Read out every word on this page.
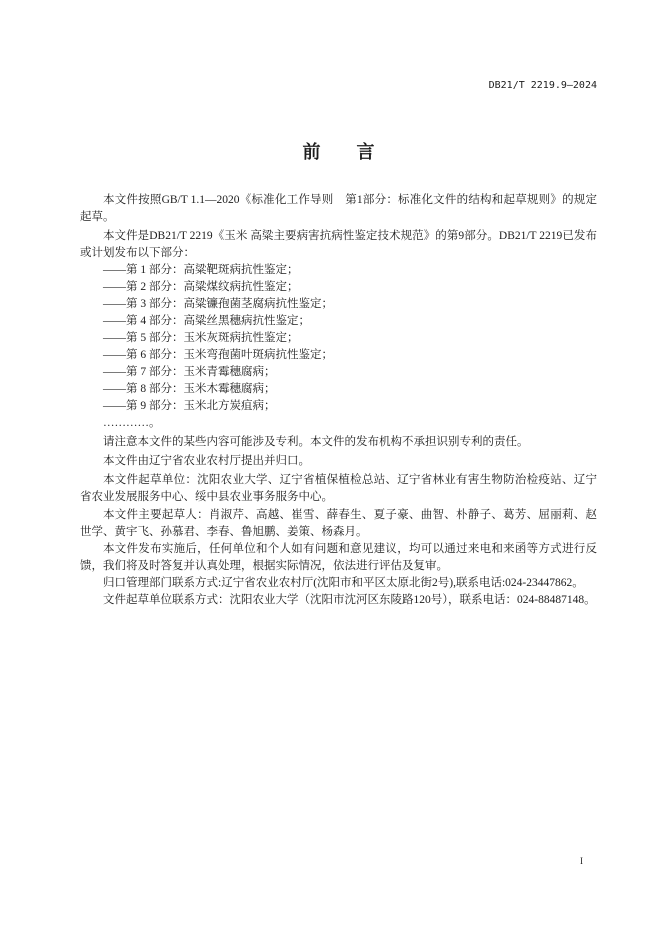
DB21/T 2219.9—2024
前　　言

本文件按照GB/T 1.1—2020《标准化工作导则　第1部分：标准化文件的结构和起草规则》的规定起草。

本文件是DB21/T 2219《玉米 高粱主要病害抗病性鉴定技术规范》的第9部分。DB21/T 2219已发布或计划发布以下部分：

——第 1 部分：高粱靶斑病抗性鉴定；

——第 2 部分：高粱煤纹病抗性鉴定；

——第 3 部分：高粱镰孢菌茎腐病抗性鉴定；

——第 4 部分：高粱丝黑穗病抗性鉴定；

——第 5 部分：玉米灰斑病抗性鉴定；

——第 6 部分：玉米弯孢菌叶斑病抗性鉴定；

——第 7 部分：玉米青霉穗腐病；

——第 8 部分：玉米木霉穗腐病；

——第 9 部分：玉米北方炭疽病；

…………。

请注意本文件的某些内容可能涉及专利。本文件的发布机构不承担识别专利的责任。

本文件由辽宁省农业农村厅提出并归口。

本文件起草单位：沈阳农业大学、辽宁省植保植检总站、辽宁省林业有害生物防治检疫站、辽宁省农业发展服务中心、绥中县农业事务服务中心。

本文件主要起草人：肖淑芹、高越、崔雪、薛春生、夏子豪、曲智、朴静子、葛芳、屈丽莉、赵世学、黄宇飞、孙慕君、李春、鲁旭鹏、姜策、杨森月。

本文件发布实施后，任何单位和个人如有问题和意见建议，均可以通过来电和来函等方式进行反馈，我们将及时答复并认真处理，根据实际情况，依法进行评估及复审。

归口管理部门联系方式:辽宁省农业农村厅(沈阳市和平区太原北街2号),联系电话:024-23447862。

文件起草单位联系方式：沈阳农业大学（沈阳市沈河区东陵路120号），联系电话：024-88487148。

I
